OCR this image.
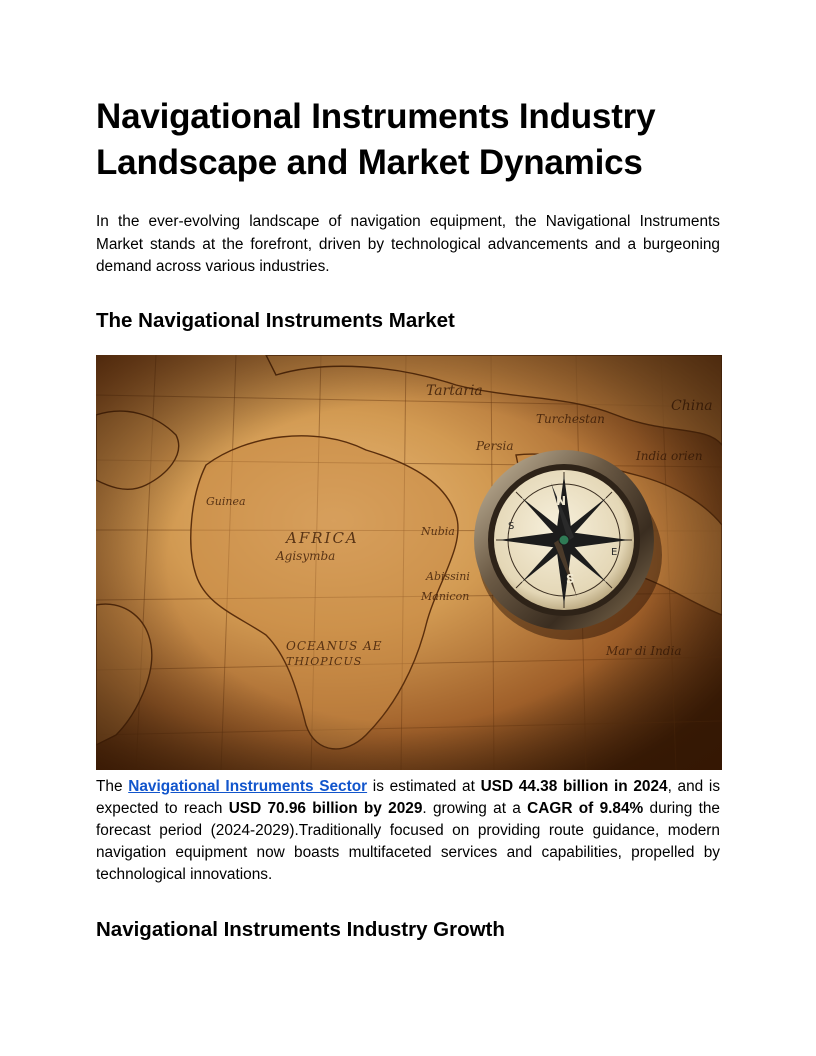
Navigational Instruments Industry Landscape and Market Dynamics

In the ever-evolving landscape of navigation equipment, the Navigational Instruments Market stands at the forefront, driven by technological advancements and a burgeoning demand across various industries.

The Navigational Instruments Market

The Navigational Instruments Sector is estimated at USD 44.38 billion in 2024, and is expected to reach USD 70.96 billion by 2029. growing at a CAGR of 9.84% during the forecast period (2024-2029).Traditionally focused on providing route guidance, modern navigation equipment now boasts multifaceted services and capabilities, propelled by technological innovations.

Navigational Instruments Industry Growth
